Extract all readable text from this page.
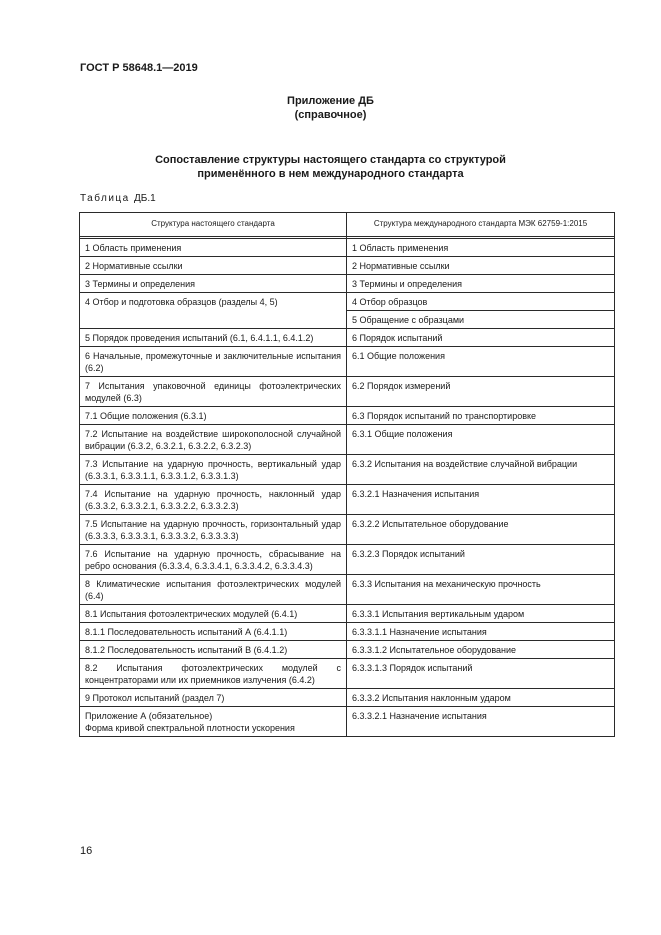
ГОСТ Р 58648.1—2019
Приложение ДБ
(справочное)
Сопоставление структуры настоящего стандарта со структурой
применённого в нем международного стандарта
Таблица ДБ.1
Структура настоящего стандарта	Структура международного стандарта МЭК 62759-1:2015

1 Область применения	1 Область применения
2 Нормативные ссылки	2 Нормативные ссылки
3 Термины и определения	3 Термины и определения
4 Отбор и подготовка образцов (разделы 4, 5)	4 Отбор образцов
	5 Обращение с образцами
5 Порядок проведения испытаний (6.1, 6.4.1.1, 6.4.1.2)	6 Порядок испытаний
6 Начальные, промежуточные и заключительные испытания (6.2)	6.1 Общие положения
7 Испытания упаковочной единицы фотоэлектрических модулей (6.3)	6.2 Порядок измерений
7.1 Общие положения (6.3.1)	6.3 Порядок испытаний по транспортировке
7.2 Испытание на воздействие широкополосной случайной вибрации (6.3.2, 6.3.2.1, 6.3.2.2, 6.3.2.3)	6.3.1 Общие положения
7.3 Испытание на ударную прочность, вертикальный удар (6.3.3.1, 6.3.3.1.1, 6.3.3.1.2, 6.3.3.1.3)	6.3.2 Испытания на воздействие случайной вибрации
7.4 Испытание на ударную прочность, наклонный удар (6.3.3.2, 6.3.3.2.1, 6.3.3.2.2, 6.3.3.2.3)	6.3.2.1 Назначения испытания
7.5 Испытание на ударную прочность, горизонтальный удар (6.3.3.3, 6.3.3.3.1, 6.3.3.3.2, 6.3.3.3.3)	6.3.2.2 Испытательное оборудование
7.6 Испытание на ударную прочность, сбрасывание на ребро основания (6.3.3.4, 6.3.3.4.1, 6.3.3.4.2, 6.3.3.4.3)	6.3.2.3 Порядок испытаний
8 Климатические испытания фотоэлектрических модулей (6.4)	6.3.3 Испытания на механическую прочность
8.1 Испытания фотоэлектрических модулей (6.4.1)	6.3.3.1 Испытания вертикальным ударом
8.1.1 Последовательность испытаний А (6.4.1.1)	6.3.3.1.1 Назначение испытания
8.1.2 Последовательность испытаний В (6.4.1.2)	6.3.3.1.2 Испытательное оборудование
8.2 Испытания фотоэлектрических модулей с концентраторами или их приемников излучения (6.4.2)	6.3.3.1.3 Порядок испытаний
9 Протокол испытаний (раздел 7)	6.3.3.2 Испытания наклонным ударом

Приложение А (обязательное)
Форма кривой спектральной плотности ускорения	6.3.3.2.1 Назначение испытания
16
